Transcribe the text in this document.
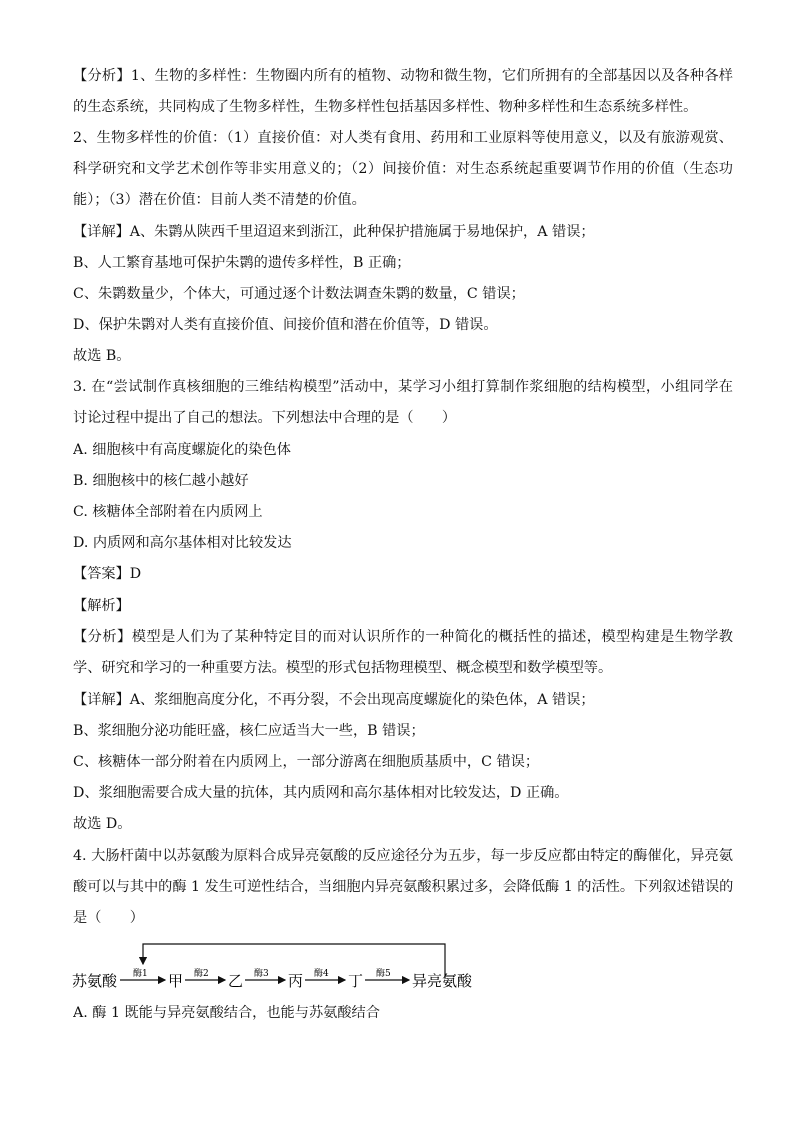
【分析】1、生物的多样性：生物圈内所有的植物、动物和微生物，它们所拥有的全部基因以及各种各样
的生态系统，共同构成了生物多样性，生物多样性包括基因多样性、物种多样性和生态系统多样性。
2、生物多样性的价值：（1）直接价值：对人类有食用、药用和工业原料等使用意义，以及有旅游观赏、
科学研究和文学艺术创作等非实用意义的；（2）间接价值：对生态系统起重要调节作用的价值（生态功
能）；（3）潜在价值：目前人类不清楚的价值。
【详解】A、朱鹮从陕西千里迢迢来到浙江，此种保护措施属于易地保护，A 错误；
B、人工繁育基地可保护朱鹮的遗传多样性，B 正确；
C、朱鹮数量少，个体大，可通过逐个计数法调查朱鹮的数量，C 错误；
D、保护朱鹮对人类有直接价值、间接价值和潜在价值等，D 错误。
故选 B。
3. 在“尝试制作真核细胞的三维结构模型”活动中，某学习小组打算制作浆细胞的结构模型，小组同学在
讨论过程中提出了自己的想法。下列想法中合理的是（　　）
A. 细胞核中有高度螺旋化的染色体
B. 细胞核中的核仁越小越好
C. 核糖体全部附着在内质网上
D. 内质网和高尔基体相对比较发达
【答案】D
【解析】
【分析】模型是人们为了某种特定目的而对认识所作的一种简化的概括性的描述，模型构建是生物学教
学、研究和学习的一种重要方法。模型的形式包括物理模型、概念模型和数学模型等。
【详解】A、浆细胞高度分化，不再分裂，不会出现高度螺旋化的染色体，A 错误；
B、浆细胞分泌功能旺盛，核仁应适当大一些，B 错误；
C、核糖体一部分附着在内质网上，一部分游离在细胞质基质中，C 错误；
D、浆细胞需要合成大量的抗体，其内质网和高尔基体相对比较发达，D 正确。
故选 D。
4. 大肠杆菌中以苏氨酸为原料合成异亮氨酸的反应途径分为五步，每一步反应都由特定的酶催化，异亮氨
酸可以与其中的酶 1 发生可逆性结合，当细胞内异亮氨酸积累过多，会降低酶 1 的活性。下列叙述错误的
是（　　）
苏氨酸	甲	乙	丙	丁	异亮氨酸
酶1	酶2	酶3	酶4	酶5
A. 酶 1 既能与异亮氨酸结合，也能与苏氨酸结合
